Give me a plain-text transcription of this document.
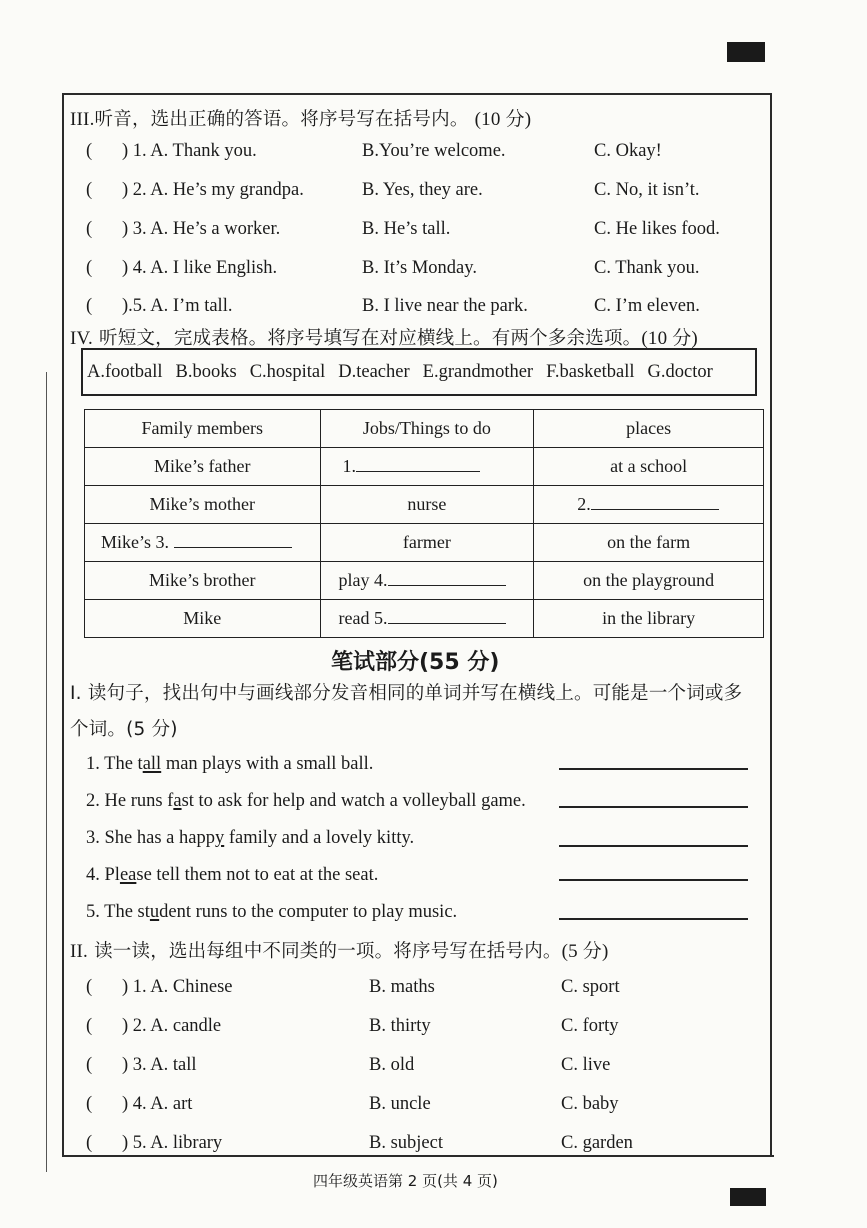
III.听音，选出正确的答语。将序号写在括号内。 (10 分)
( ) 1. A. Thank you.	B.You’re welcome.	C. Okay!
( ) 2. A. He’s my grandpa.	B. Yes, they are.	C. No, it isn’t.
( ) 3. A. He’s a worker.	B. He’s tall.	C. He likes food.
( ) 4. A. I like English.	B. It’s Monday.	C. Thank you.
( ).5. A. I’m tall.	B. I live near the park.	C. I’m eleven.
IV. 听短文，完成表格。将序号填写在对应横线上。有两个多余选项。(10 分)
A.football B.books C.hospital D.teacher E.grandmother F.basketball G.doctor
Family members	Jobs/Things to do	places
Mike’s father	1.	at a school
Mike’s mother	nurse	2.
Mike’s 3.	farmer	on the farm
Mike’s brother	play 4.	on the playground
Mike	read 5.	in the library
笔试部分(55 分)
I. 读句子，找出句中与画线部分发音相同的单词并写在横线上。可能是一个词或多
个词。(5 分)
1. The tall man plays with a small ball.
2. He runs fast to ask for help and watch a volleyball game.
3. She has a happy family and a lovely kitty.
4. Please tell them not to eat at the seat.
5. The student runs to the computer to play music.
II. 读一读，选出每组中不同类的一项。将序号写在括号内。(5 分)
( ) 1. A. Chinese	B. maths	C. sport
( ) 2. A. candle	B. thirty	C. forty
( ) 3. A. tall	B. old	C. live
( ) 4. A. art	B. uncle	C. baby
( ) 5. A. library	B. subject	C. garden
四年级英语第 2 页(共 4 页)
